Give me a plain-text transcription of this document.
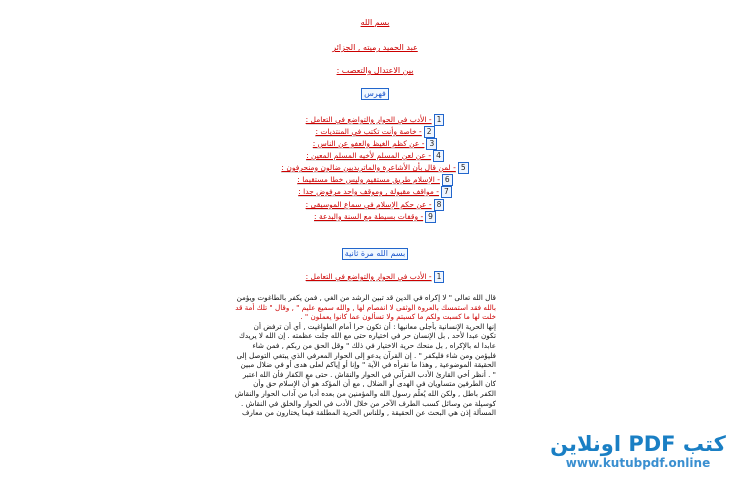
بسم الله
عبد الحميد رميته , الجزائر
بين الاعتدال والتعصب :
فهرس
1- الأدب في الحوار والتواضع في التعامل :
2- خاصة وأنت تكتب في المنتديات :
3- عن كظم الغيظ والعفو عن الناس :
4- عن لعن المسلم لأخيه المسلم المعين :
5- لمن قال بأن الأشاعرة والماتريديين ضالون ومنحرفون :
6- الإسلام طريق مستقيم وليس خطا مستقيما :
7- مواقف مقبولة , وموقف واحد مرفوض جدا :
8- عن حكم الإسلام في سماع الموسيقى :
9- وقفات بسيطة مع السنة والبدعة :
بسم الله مرة ثانية
1- الأدب في الحوار والتواضع في التعامل :
قال الله تعالى " لا إكراه في الدين قد تبين الرشد من الغي , فمن يكفر بالطاغوت ويؤمن
بالله فقد استمسك بالعروة الوثقى لا انفصام لها , والله سميع عليم " , وقال " تلك أمة قد
خلت لها ما كسبت ولكم ما كسبتم ولا تسألون عما كانوا يعملون " .
إنها الحرية الإنسانية بأجلى معانيها : أن تكون حرا أمام الطواغيت , أي أن ترفض أن
تكون عبدا لأحد , بل الإنسان حر في اختياره حتى مع الله جلت عظمته . إن الله لا يريدك
عابدا له بالإكراه , بل منحك حرية الاختيار في ذلك " وقل الحق من ربكم , فمن شاء
فليؤمن ومن شاء فليكفر " . إن القرآن يدعو إلى الحوار المعرفي الذي يبتغي التوصل إلى
الحقيقة الموضوعية , وهذا ما نقرأه في الآية " وإنا أو إياكم لعلى هدى أو في ضلال مبين
" . أنظر أخي القارئ الأدب القرآني في الحوار والنقاش . حتى مع الكفار فأن الله اعتبر
كان الطرفين متساويان في الهدى أو الضلال , مع أن المؤكد هو أن الإسلام حق وأن
الكفر باطل , ولكن الله يُعلّم رسول الله والمؤمنين من بعده أدبا من آداب الحوار والنقاش
كوسيلة من وسائل كسب الطرف الآخر من خلال الأدب في الحوار والخلق في النقاش .
المسألة إذن هي البحث عن الحقيقة , وللناس الحرية المطلقة فيما يختارون من معارف
كتب PDF اونلاين
www.kutubpdf.online
